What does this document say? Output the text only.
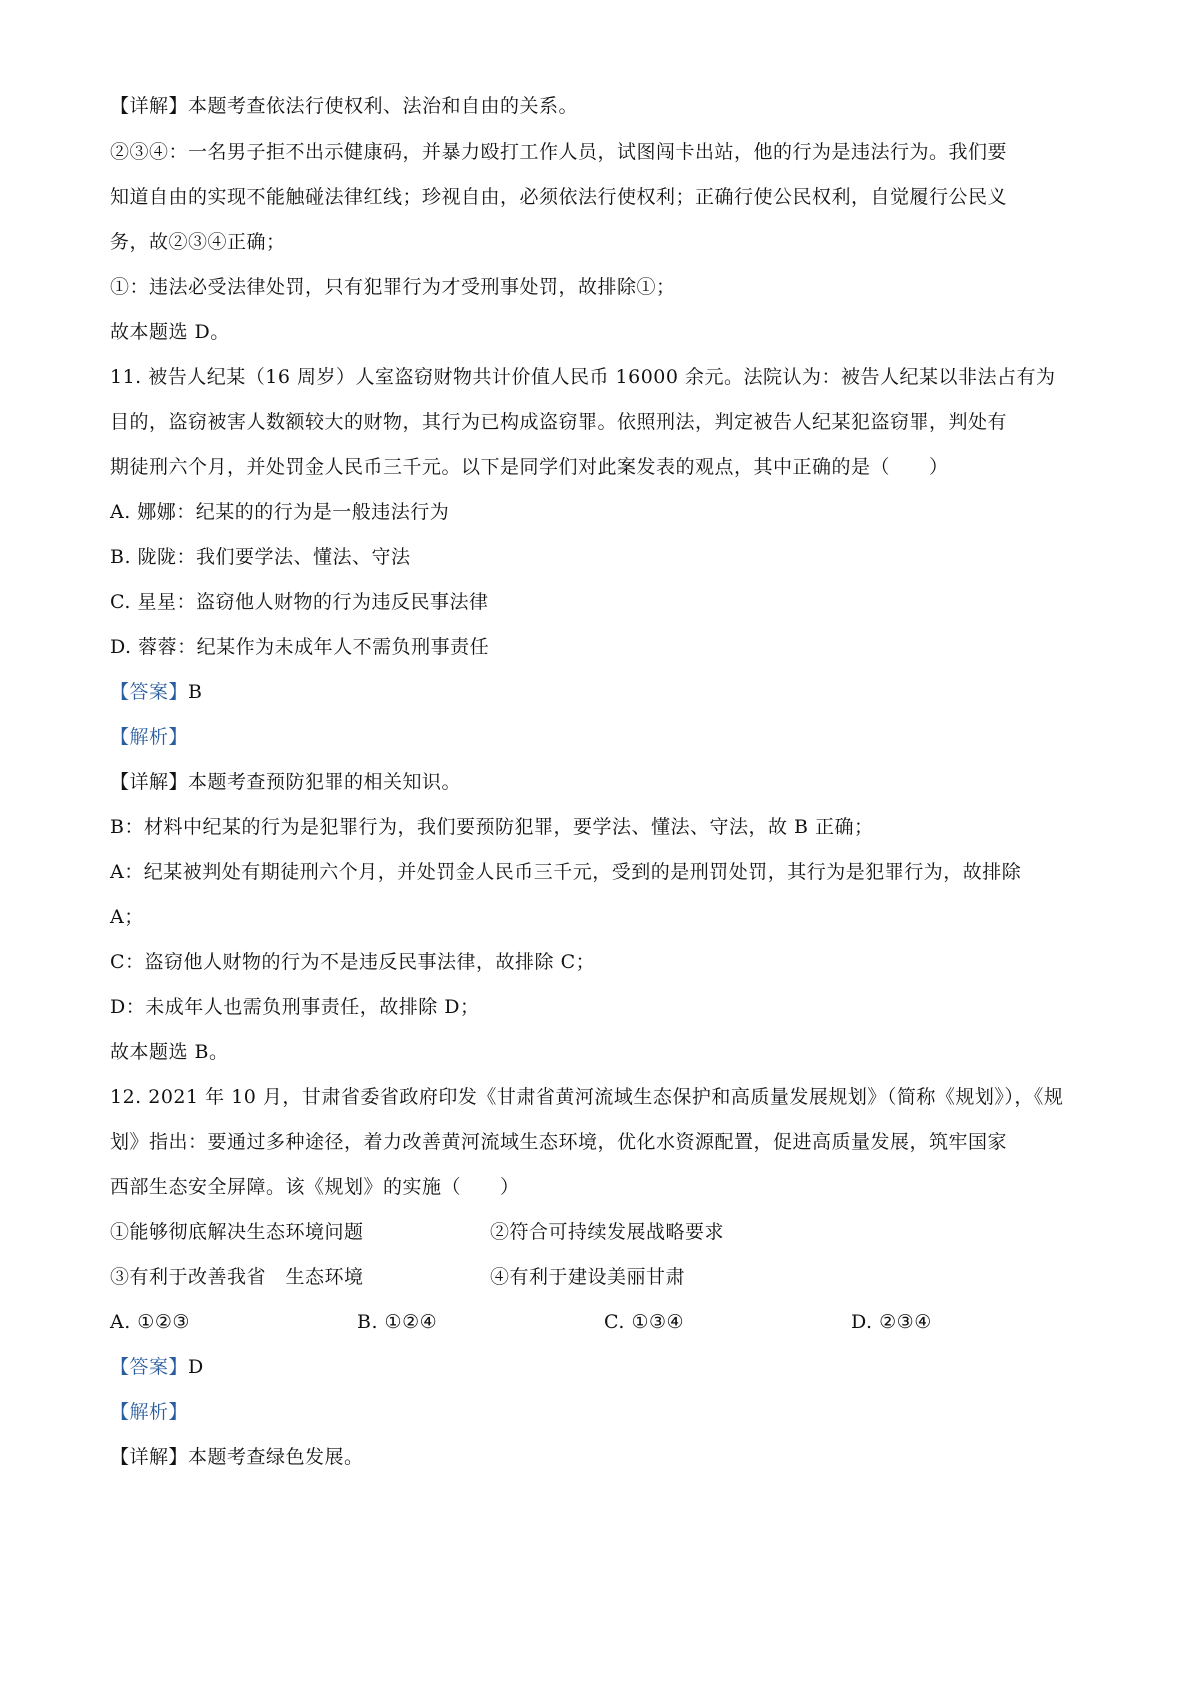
【详解】本题考查依法行使权利、法治和自由的关系。
②③④：一名男子拒不出示健康码，并暴力殴打工作人员，试图闯卡出站，他的行为是违法行为。我们要
知道自由的实现不能触碰法律红线；珍视自由，必须依法行使权利；正确行使公民权利，自觉履行公民义
务，故②③④正确；
①：违法必受法律处罚，只有犯罪行为才受刑事处罚，故排除①；
故本题选 D。
11. 被告人纪某（16 周岁）人室盗窃财物共计价值人民币 16000 余元。法院认为：被告人纪某以非法占有为
目的，盗窃被害人数额较大的财物，其行为已构成盗窃罪。依照刑法，判定被告人纪某犯盗窃罪，判处有
期徒刑六个月，并处罚金人民币三千元。以下是同学们对此案发表的观点，其中正确的是（　　）
A. 娜娜：纪某的的行为是一般违法行为
B. 陇陇：我们要学法、懂法、守法
C. 星星：盗窃他人财物的行为违反民事法律
D. 蓉蓉：纪某作为未成年人不需负刑事责任
【答案】B
【解析】
【详解】本题考查预防犯罪的相关知识。
B：材料中纪某的行为是犯罪行为，我们要预防犯罪，要学法、懂法、守法，故 B 正确；
A：纪某被判处有期徒刑六个月，并处罚金人民币三千元，受到的是刑罚处罚，其行为是犯罪行为，故排除
A；
C：盗窃他人财物的行为不是违反民事法律，故排除 C；
D：未成年人也需负刑事责任，故排除 D；
故本题选 B。
12. 2021 年 10 月，甘肃省委省政府印发《甘肃省黄河流域生态保护和高质量发展规划》（简称《规划》），《规
划》指出：要通过多种途径，着力改善黄河流域生态环境，优化水资源配置，促进高质量发展，筑牢国家
西部生态安全屏障。该《规划》的实施（　　）
①能够彻底解决生态环境问题	②符合可持续发展战略要求
③有利于改善我省　生态环境	④有利于建设美丽甘肃
A. ①②③	B. ①②④	C. ①③④	D. ②③④
【答案】D
【解析】
【详解】本题考查绿色发展。
